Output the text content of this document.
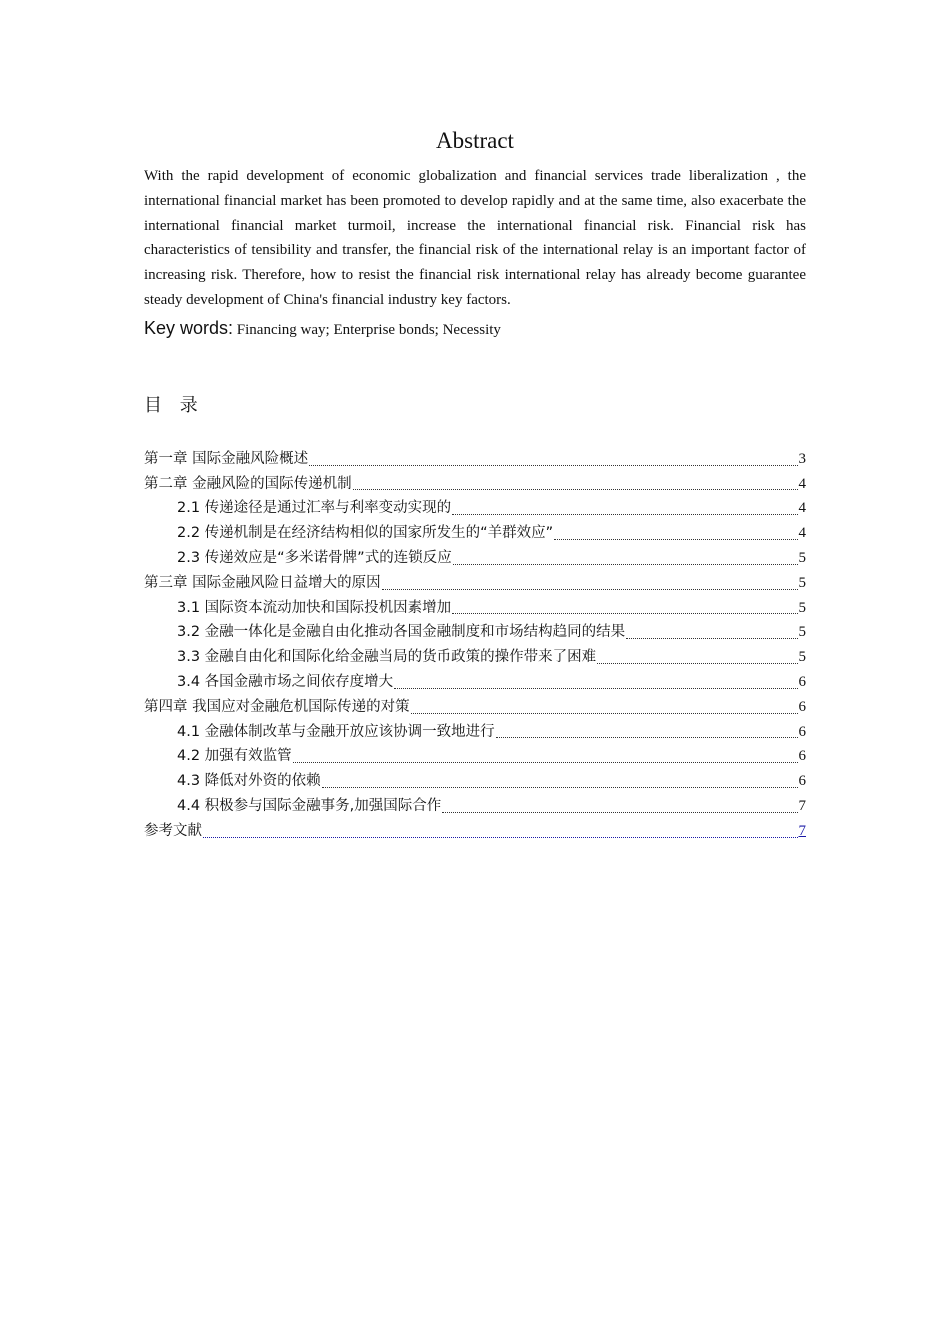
Abstract

With the rapid development of economic globalization and financial services trade liberalization , the international financial market has been promoted to develop rapidly and at the same time, also exacerbate the international financial market turmoil, increase the international financial risk. Financial risk has characteristics of tensibility and transfer, the financial risk of the international relay is an important factor of increasing risk. Therefore, how to resist the financial risk international relay has already become guarantee steady development of China's financial industry key factors.

Key words: Financing way; Enterprise bonds; Necessity
目 录
第一章 国际金融风险概述	3
第二章 金融风险的国际传递机制	4
2.1 传递途径是通过汇率与利率变动实现的	4
2.2 传递机制是在经济结构相似的国家所发生的“羊群效应”	4
2.3 传递效应是“多米诺骨牌”式的连锁反应	5
第三章 国际金融风险日益增大的原因	5
3.1 国际资本流动加快和国际投机因素增加	5
3.2 金融一体化是金融自由化推动各国金融制度和市场结构趋同的结果	5
3.3 金融自由化和国际化给金融当局的货币政策的操作带来了困难	5
3.4 各国金融市场之间依存度增大	6
第四章 我国应对金融危机国际传递的对策	6
4.1 金融体制改革与金融开放应该协调一致地进行	6
4.2 加强有效监管	6
4.3 降低对外资的依赖	6
4.4 积极参与国际金融事务,加强国际合作	7
参考文献	7
